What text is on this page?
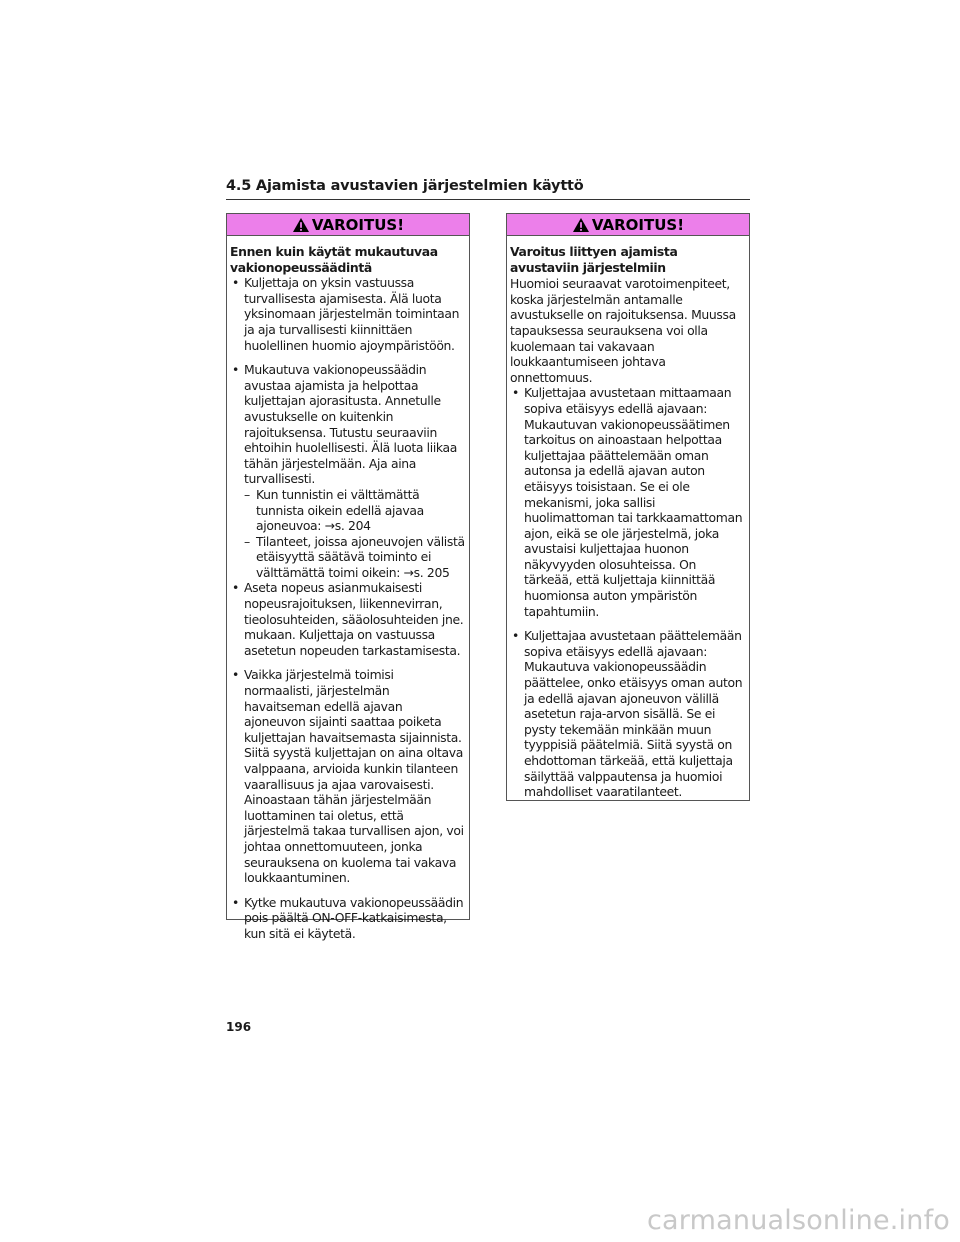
4.5 Ajamista avustavien järjestelmien käyttö
VAROITUS!

Ennen kuin käytät mukautuvaa vakionopeussäädintä

• Kuljettaja on yksin vastuussa turvallisesta ajamisesta. Älä luota yksinomaan järjestelmän toimintaan ja aja turvallisesti kiinnittäen huolellinen huomio ajoympäristöön.
• Mukautuva vakionopeussäädin avustaa ajamista ja helpottaa kuljettajan ajorasitusta. Annetulle avustukselle on kuitenkin rajoituksensa. Tutustu seuraaviin ehtoihin huolellisesti. Älä luota liikaa tähän järjestelmään. Aja aina turvallisesti.
– Kun tunnistin ei välttämättä tunnista oikein edellä ajavaa ajoneuvoa: →s. 204
– Tilanteet, joissa ajoneuvojen välistä etäisyyttä säätävä toiminto ei välttämättä toimi oikein: →s. 205
• Aseta nopeus asianmukaisesti nopeusrajoituksen, liikennevirran, tieolosuhteiden, sääolosuhteiden jne. mukaan. Kuljettaja on vastuussa asetetun nopeuden tarkastamisesta.
• Vaikka järjestelmä toimisi normaalisti, järjestelmän havaitseman edellä ajavan ajoneuvon sijainti saattaa poiketa kuljettajan havaitsemasta sijainnista. Siitä syystä kuljettajan on aina oltava valppaana, arvioida kunkin tilanteen vaarallisuus ja ajaa varovaisesti. Ainoastaan tähän järjestelmään luottaminen tai oletus, että järjestelmä takaa turvallisen ajon, voi johtaa onnettomuuteen, jonka seurauksena on kuolema tai vakava loukkaantuminen.
• Kytke mukautuva vakionopeussäädin pois päältä ON-OFF-katkaisimesta, kun sitä ei käytetä.
VAROITUS!

Varoitus liittyen ajamista avustaviin järjestelmiin

Huomioi seuraavat varotoimenpiteet, koska järjestelmän antamalle avustukselle on rajoituksensa. Muussa tapauksessa seurauksena voi olla kuolemaan tai vakavaan loukkaantumiseen johtava onnettomuus.

• Kuljettajaa avustetaan mittaamaan sopiva etäisyys edellä ajavaan: Mukautuvan vakionopeussäätimen tarkoitus on ainoastaan helpottaa kuljettajaa päättelemään oman autonsa ja edellä ajavan auton etäisyys toisistaan. Se ei ole mekanismi, joka sallisi huolimattoman tai tarkkaamattoman ajon, eikä se ole järjestelmä, joka avustaisi kuljettajaa huonon näkyvyyden olosuhteissa. On tärkeää, että kuljettaja kiinnittää huomionsa auton ympäristön tapahtumiin.
• Kuljettajaa avustetaan päättelemään sopiva etäisyys edellä ajavaan: Mukautuva vakionopeussäädin päättelee, onko etäisyys oman auton ja edellä ajavan ajoneuvon välillä asetetun raja-arvon sisällä. Se ei pysty tekemään minkään muun tyyppisiä päätelmiä. Siitä syystä on ehdottoman tärkeää, että kuljettaja säilyttää valppautensa ja huomioi mahdolliset vaaratilanteet.
196
carmanualsonline.info
